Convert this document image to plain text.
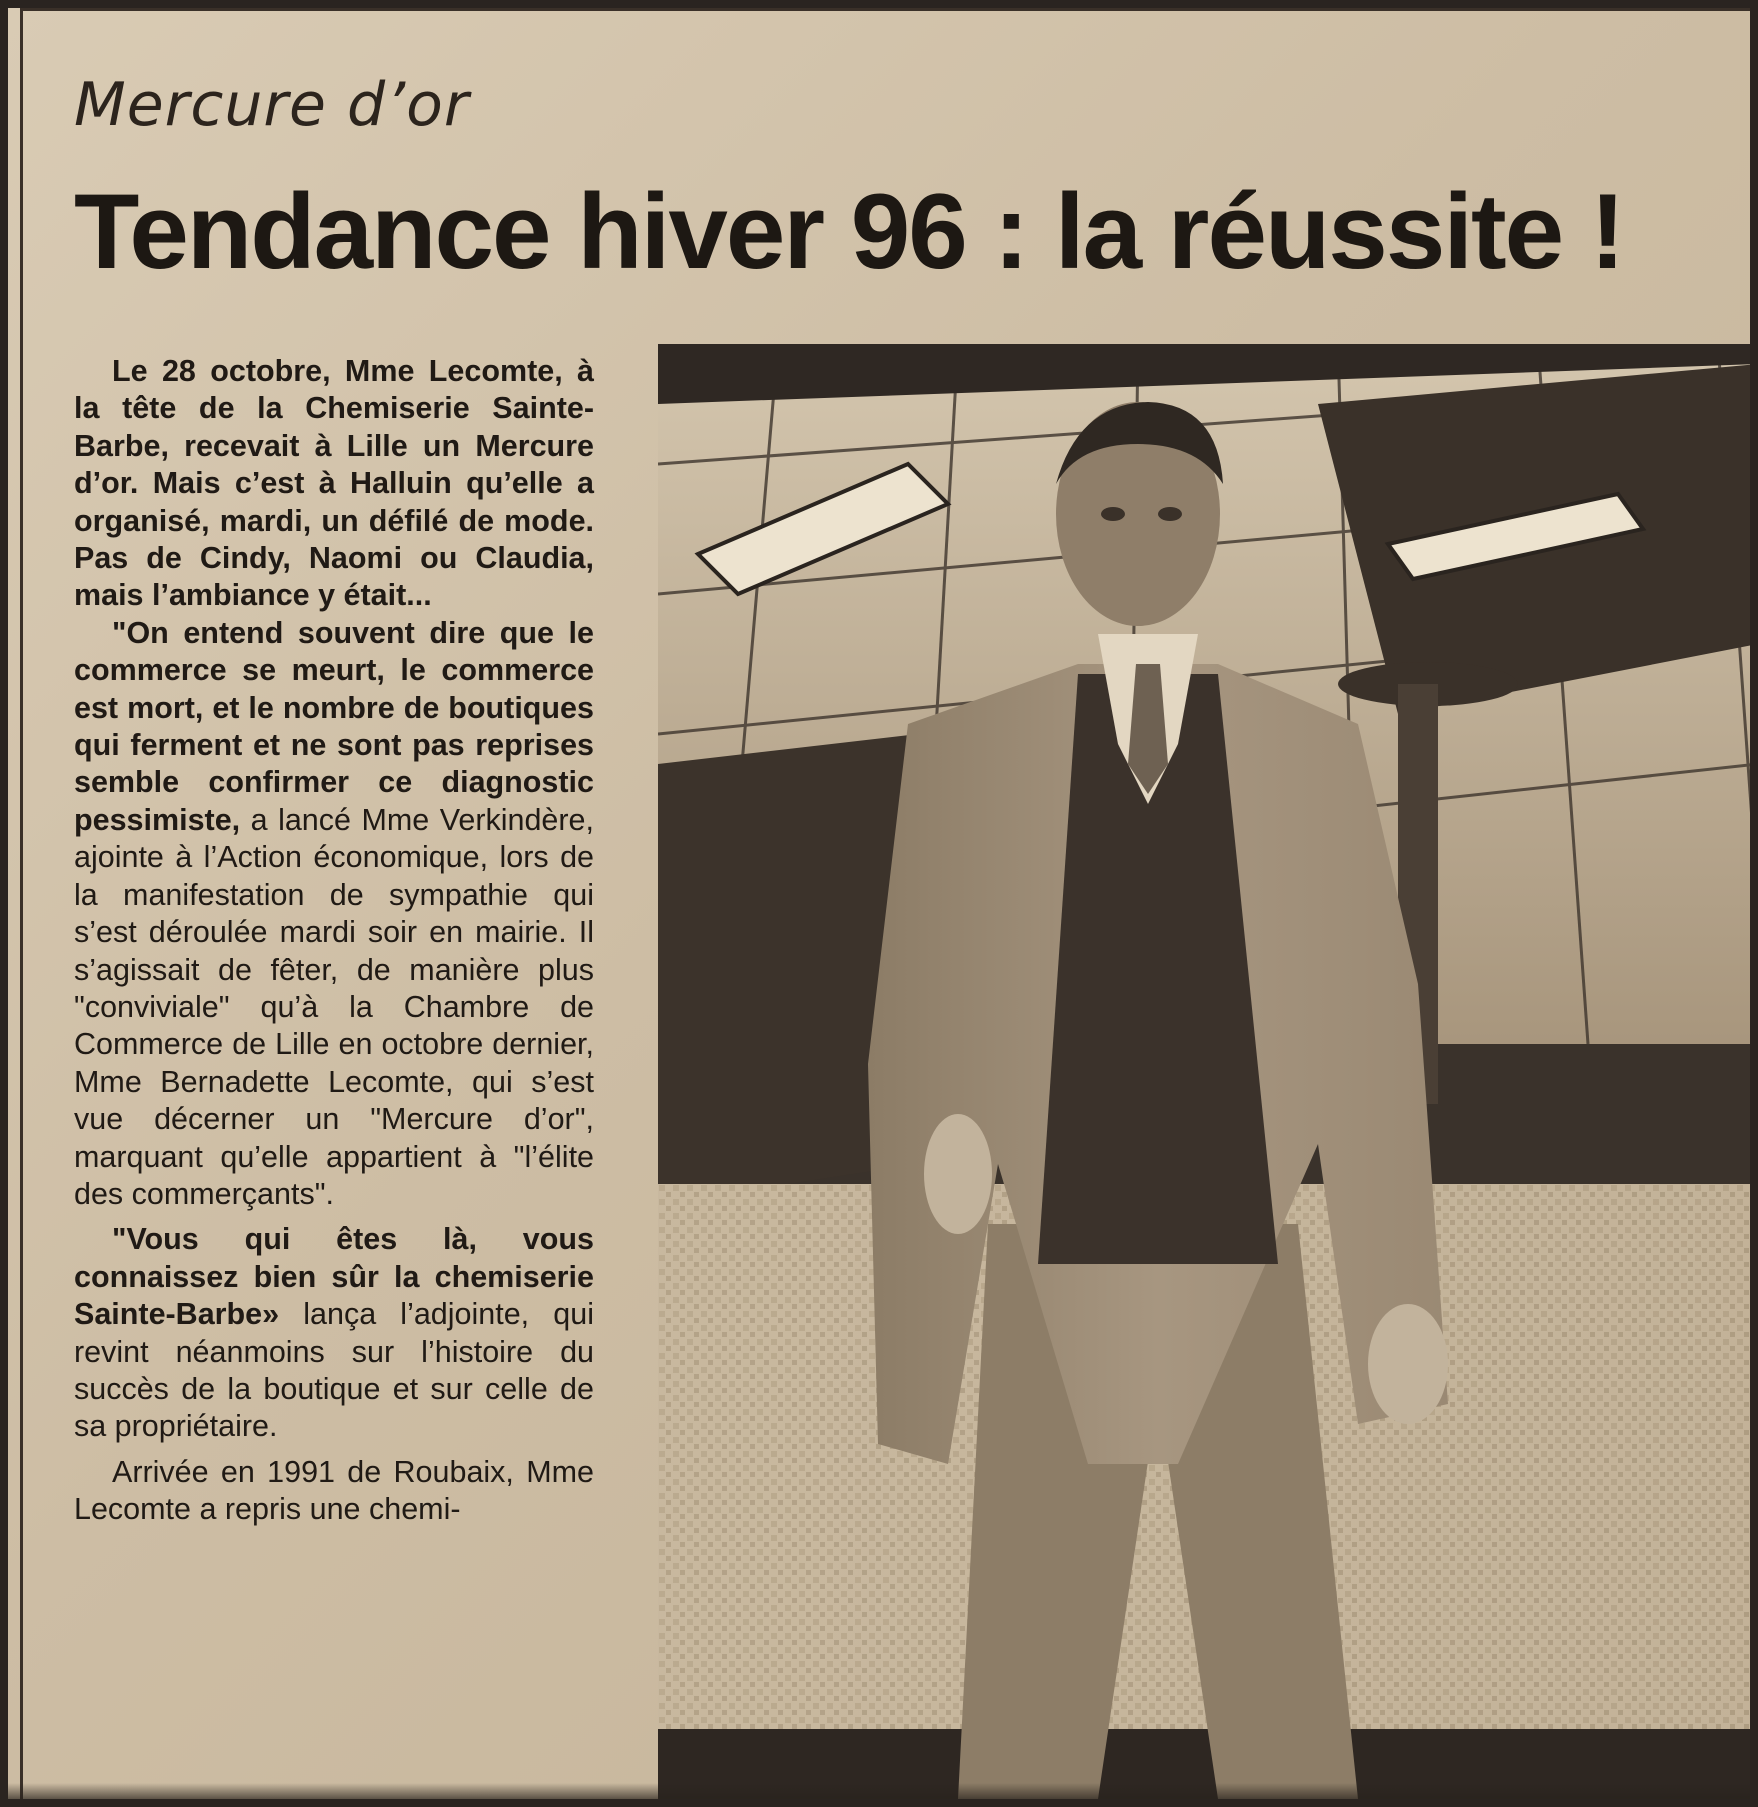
Mercure d’or
Tendance hiver 96 : la réussite !

Le 28 octobre, Mme Lecomte, à la tête de la Chemiserie Sainte-Barbe, recevait à Lille un Mercure d’or. Mais c’est à Halluin qu’elle a organisé, mardi, un défilé de mode. Pas de Cindy, Naomi ou Claudia, mais l’ambiance y était...

"On entend souvent dire que le commerce se meurt, le commerce est mort, et le nombre de boutiques qui ferment et ne sont pas reprises semble confirmer ce diagnostic pessimiste, a lancé Mme Verkindère, ajointe à l’Action économique, lors de la manifestation de sympathie qui s’est déroulée mardi soir en mairie. Il s’agissait de fêter, de manière plus "conviviale" qu’à la Chambre de Commerce de Lille en octobre dernier, Mme Bernadette Lecomte, qui s’est vue décerner un "Mercure d’or", marquant qu’elle appartient à "l’élite des commerçants".

"Vous qui êtes là, vous connaissez bien sûr la chemiserie Sainte-Barbe» lança l’adjointe, qui revint néanmoins sur l’histoire du succès de la boutique et sur celle de sa propriétaire.

Arrivée en 1991 de Roubaix, Mme Lecomte a repris une chemi-
